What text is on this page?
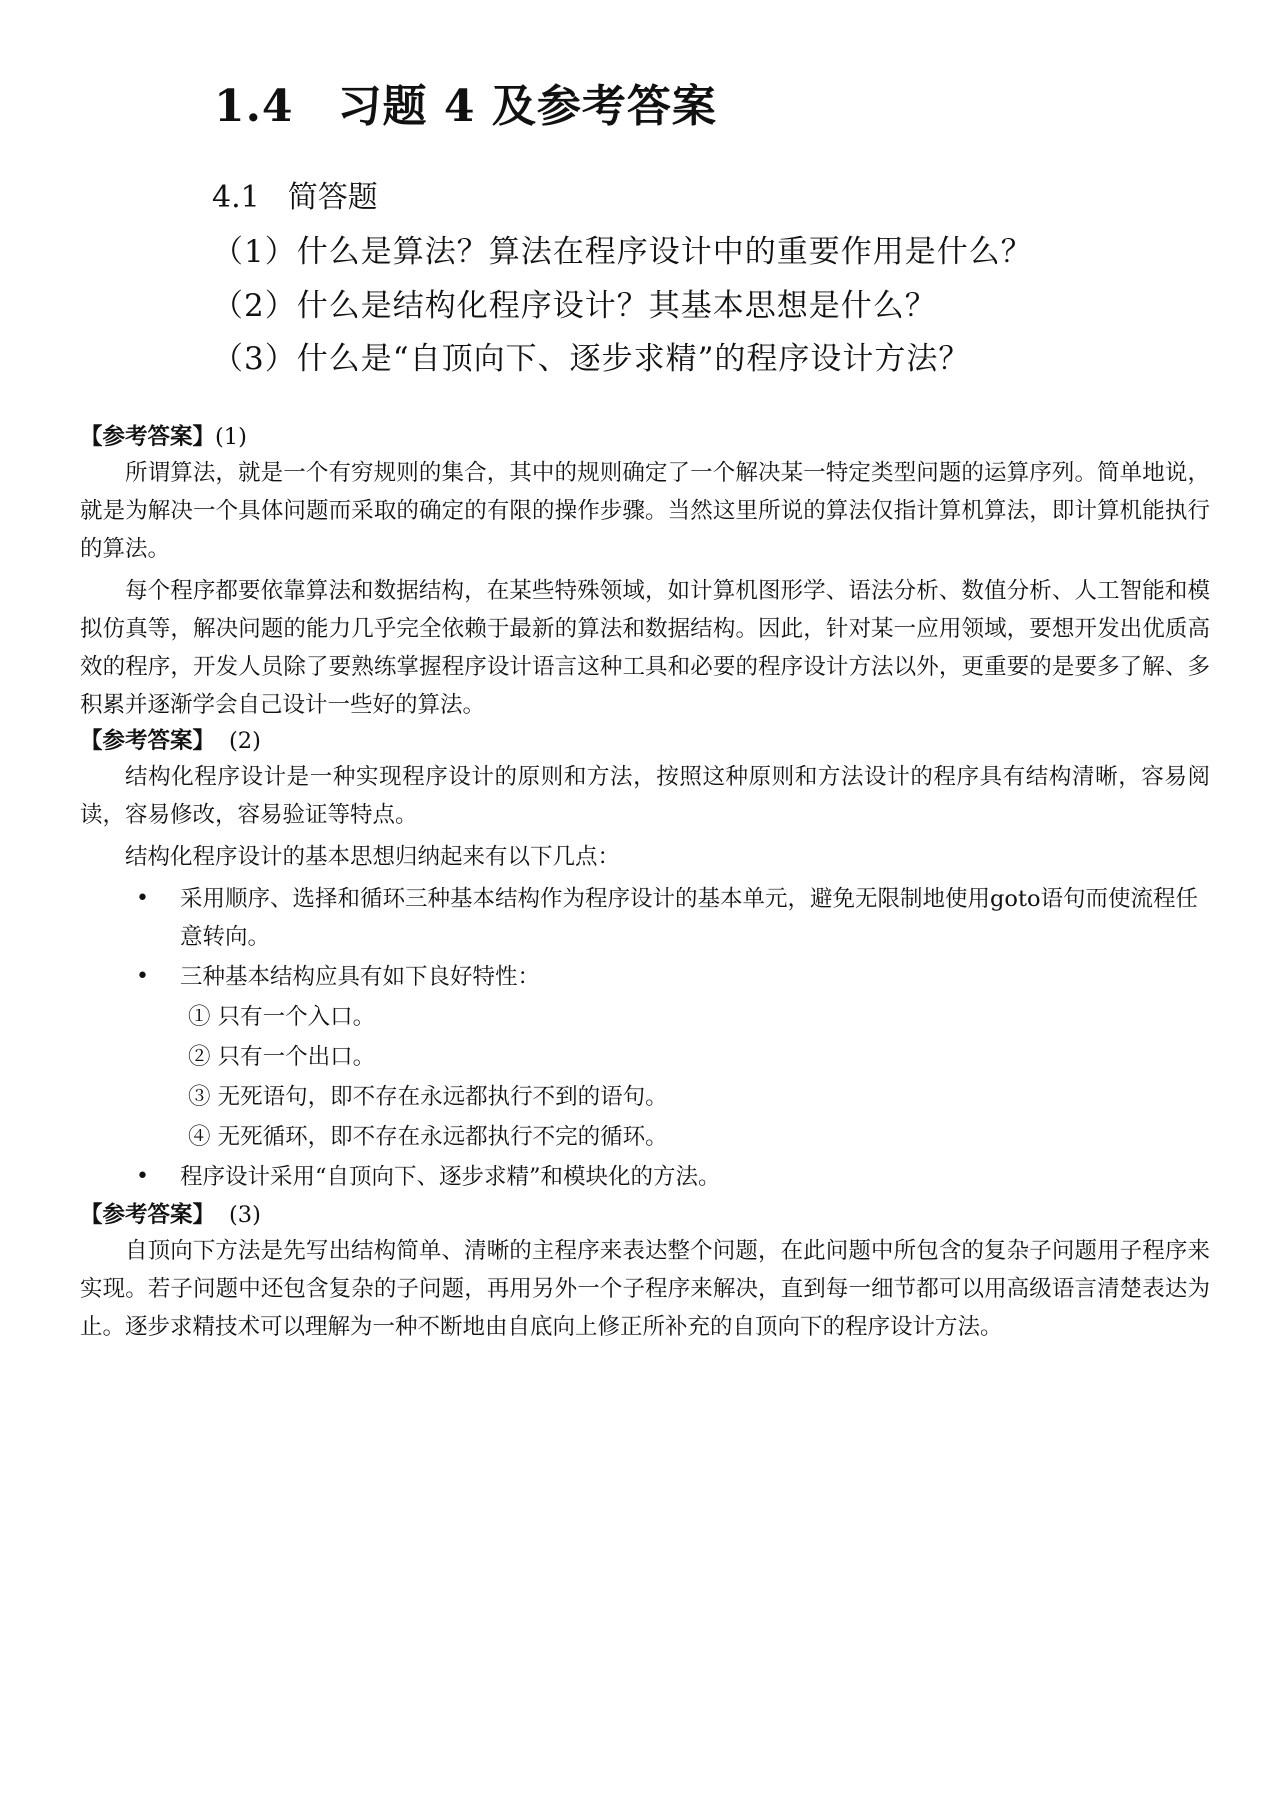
1.4 习题 4 及参考答案
4.1 简答题
（1）什么是算法？算法在程序设计中的重要作用是什么？
（2）什么是结构化程序设计？其基本思想是什么？
（3）什么是“自顶向下、逐步求精”的程序设计方法？
【参考答案】(1)

所谓算法，就是一个有穷规则的集合，其中的规则确定了一个解决某一特定类型问题的运算序列。简单地说，就是为解决一个具体问题而采取的确定的有限的操作步骤。当然这里所说的算法仅指计算机算法，即计算机能执行的算法。

每个程序都要依靠算法和数据结构，在某些特殊领域，如计算机图形学、语法分析、数值分析、人工智能和模拟仿真等，解决问题的能力几乎完全依赖于最新的算法和数据结构。因此，针对某一应用领域，要想开发出优质高效的程序，开发人员除了要熟练掌握程序设计语言这种工具和必要的程序设计方法以外，更重要的是要多了解、多积累并逐渐学会自己设计一些好的算法。

【参考答案】 (2)

结构化程序设计是一种实现程序设计的原则和方法，按照这种原则和方法设计的程序具有结构清晰，容易阅读，容易修改，容易验证等特点。

结构化程序设计的基本思想归纳起来有以下几点：

• 采用顺序、选择和循环三种基本结构作为程序设计的基本单元，避免无限制地使用goto语句而使流程任意转向。
• 三种基本结构应具有如下良好特性：
① 只有一个入口。
② 只有一个出口。
③ 无死语句，即不存在永远都执行不到的语句。
④ 无死循环，即不存在永远都执行不完的循环。
• 程序设计采用“自顶向下、逐步求精”和模块化的方法。
【参考答案】 (3)

自顶向下方法是先写出结构简单、清晰的主程序来表达整个问题，在此问题中所包含的复杂子问题用子程序来实现。若子问题中还包含复杂的子问题，再用另外一个子程序来解决，直到每一细节都可以用高级语言清楚表达为止。逐步求精技术可以理解为一种不断地由自底向上修正所补充的自顶向下的程序设计方法。
